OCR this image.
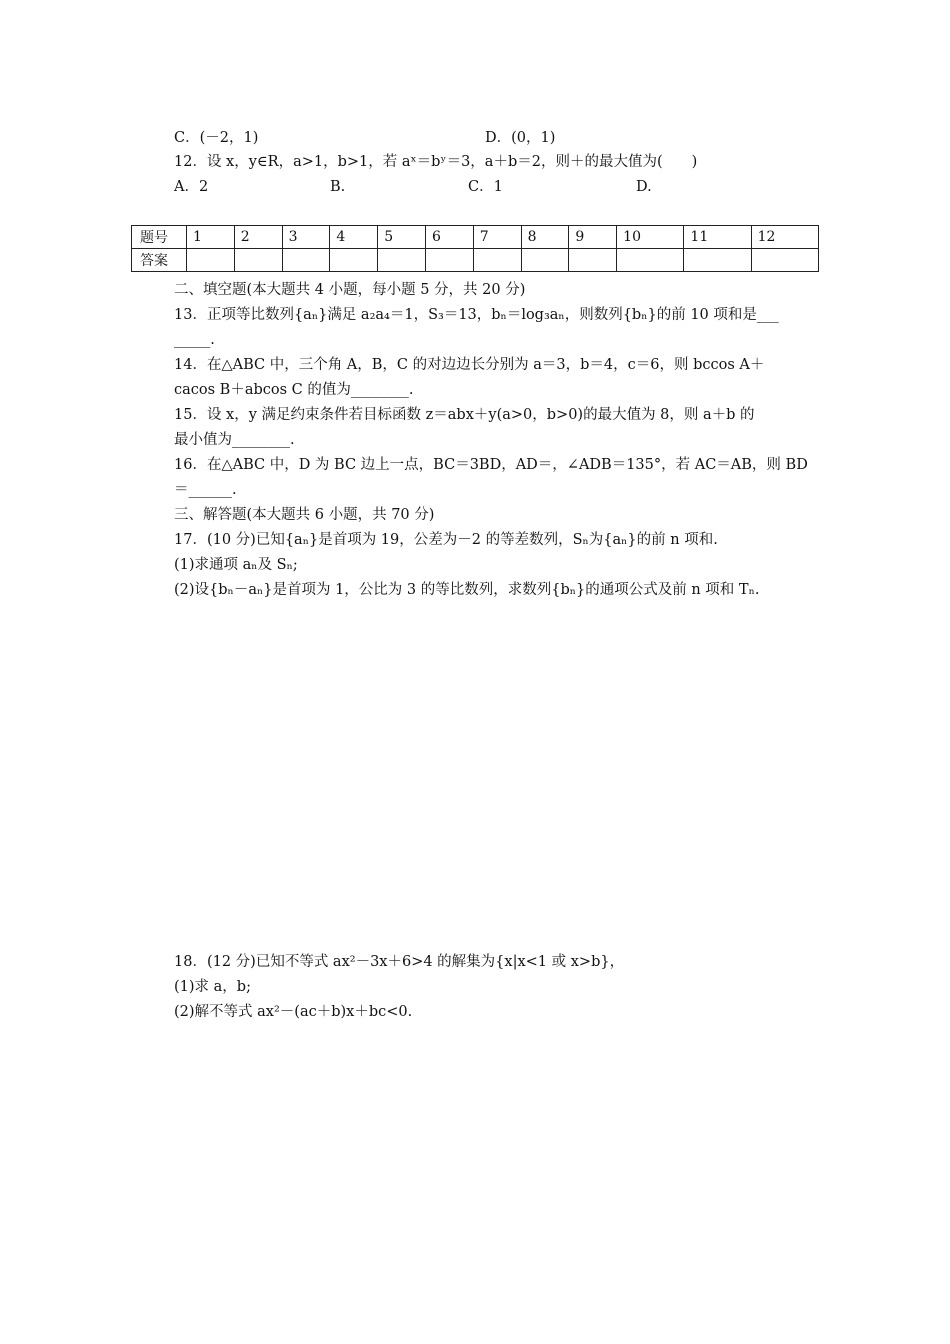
C．(－2，1)	D．(0，1)
12．设 x，y∈R，a>1，b>1，若 aˣ＝bʸ＝3，a＋b＝2，则＋的最大值为(　　)
A．2	B.	C．1	D.
题号	1	2	3	4	5	6	7	8	9	10	11	12
答案												
二、填空题(本大题共 4 小题，每小题 5 分，共 20 分)
13．正项等比数列{aₙ}满足 a₂a₄＝1，S₃＝13，bₙ＝log₃aₙ，则数列{bₙ}的前 10 项和是___
_____.
14．在△ABC 中，三个角 A，B，C 的对边边长分别为 a＝3，b＝4，c＝6，则 bccos A＋
cacos B＋abcos C 的值为________.
15．设 x，y 满足约束条件若目标函数 z＝abx＋y(a>0，b>0)的最大值为 8，则 a＋b 的
最小值为________.
16．在△ABC 中，D 为 BC 边上一点，BC＝3BD，AD＝，∠ADB＝135°，若 AC＝AB，则 BD
＝______.
三、解答题(本大题共 6 小题，共 70 分)
17．(10 分)已知{aₙ}是首项为 19，公差为－2 的等差数列，Sₙ为{aₙ}的前 n 项和.
(1)求通项 aₙ及 Sₙ;
(2)设{bₙ－aₙ}是首项为 1，公比为 3 的等比数列，求数列{bₙ}的通项公式及前 n 项和 Tₙ.
18．(12 分)已知不等式 ax²－3x＋6>4 的解集为{x|x<1 或 x>b}，
(1)求 a，b;
(2)解不等式 ax²－(ac＋b)x＋bc<0.
